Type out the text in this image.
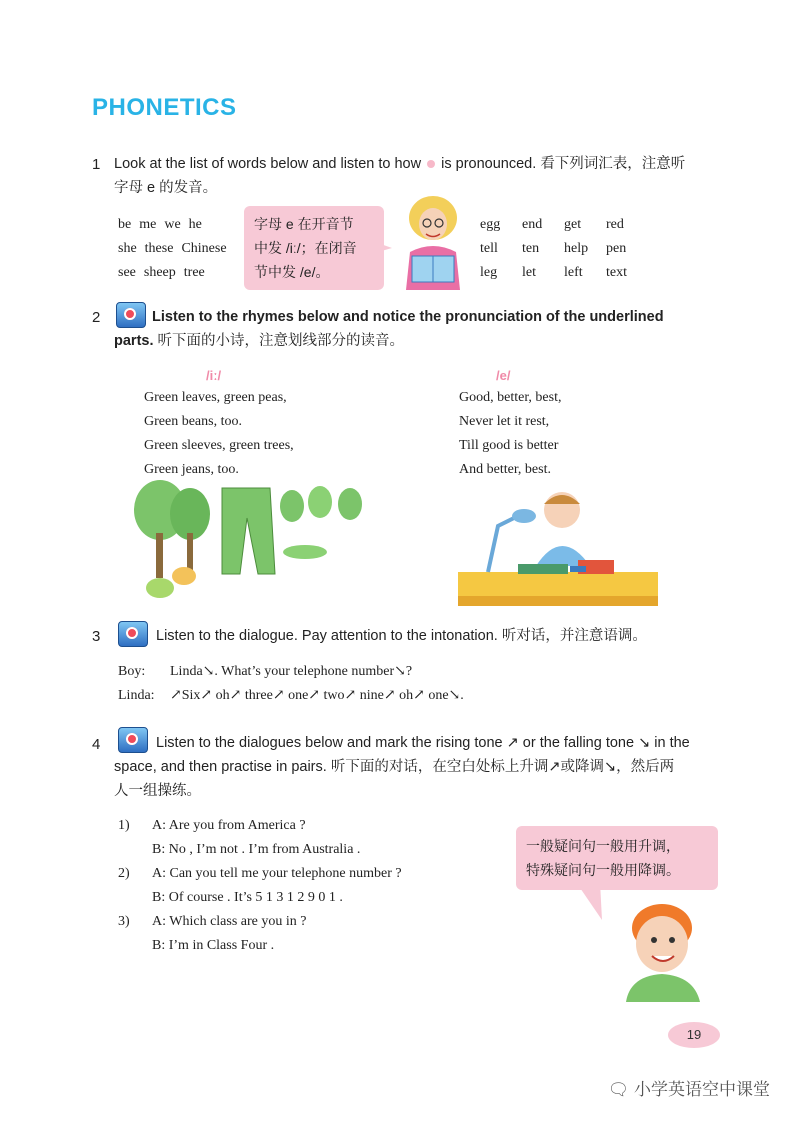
PHONETICS
1 Look at the list of words below and listen to how is pronounced. 看下列词汇表，注意听
字母 e 的发音。
be me we he
she these Chinese
see sheep tree
字母 e 在开音节
中发 /iː/；在闭音
节中发 /e/。
egg end get red
tell ten help pen
leg let left text
2	Listen to the rhymes below and notice the pronunciation of the underlined
parts. 听下面的小诗，注意划线部分的读音。
/iː/	/e/
Green leaves, green peas,
Green beans, too.
Green sleeves, green trees,
Green jeans, too.
Good, better, best,
Never let it rest,
Till good is better
And better, best.
3	Listen to the dialogue. Pay attention to the intonation. 听对话，并注意语调。
Boy: Linda↘. What’s your telephone number↘?
Linda: ↗Six↗ oh↗ three↗ one↗ two↗ nine↗ oh↗ one↘.
4	Listen to the dialogues below and mark the rising tone ↗ or the falling tone ↘ in the
space, and then practise in pairs. 听下面的对话，在空白处标上升调↗或降调↘，然后两
人一组操练。
1) A: Are you from America ?
B: No , I’m not . I’m from Australia .
2) A: Can you tell me your telephone number ?
B: Of course . It’s 5 1 3 1 2 9 0 1 .
3) A: Which class are you in ?
B: I’m in Class Four .
一般疑问句一般用升调，
特殊疑问句一般用降调。
19
🗨 小学英语空中课堂
